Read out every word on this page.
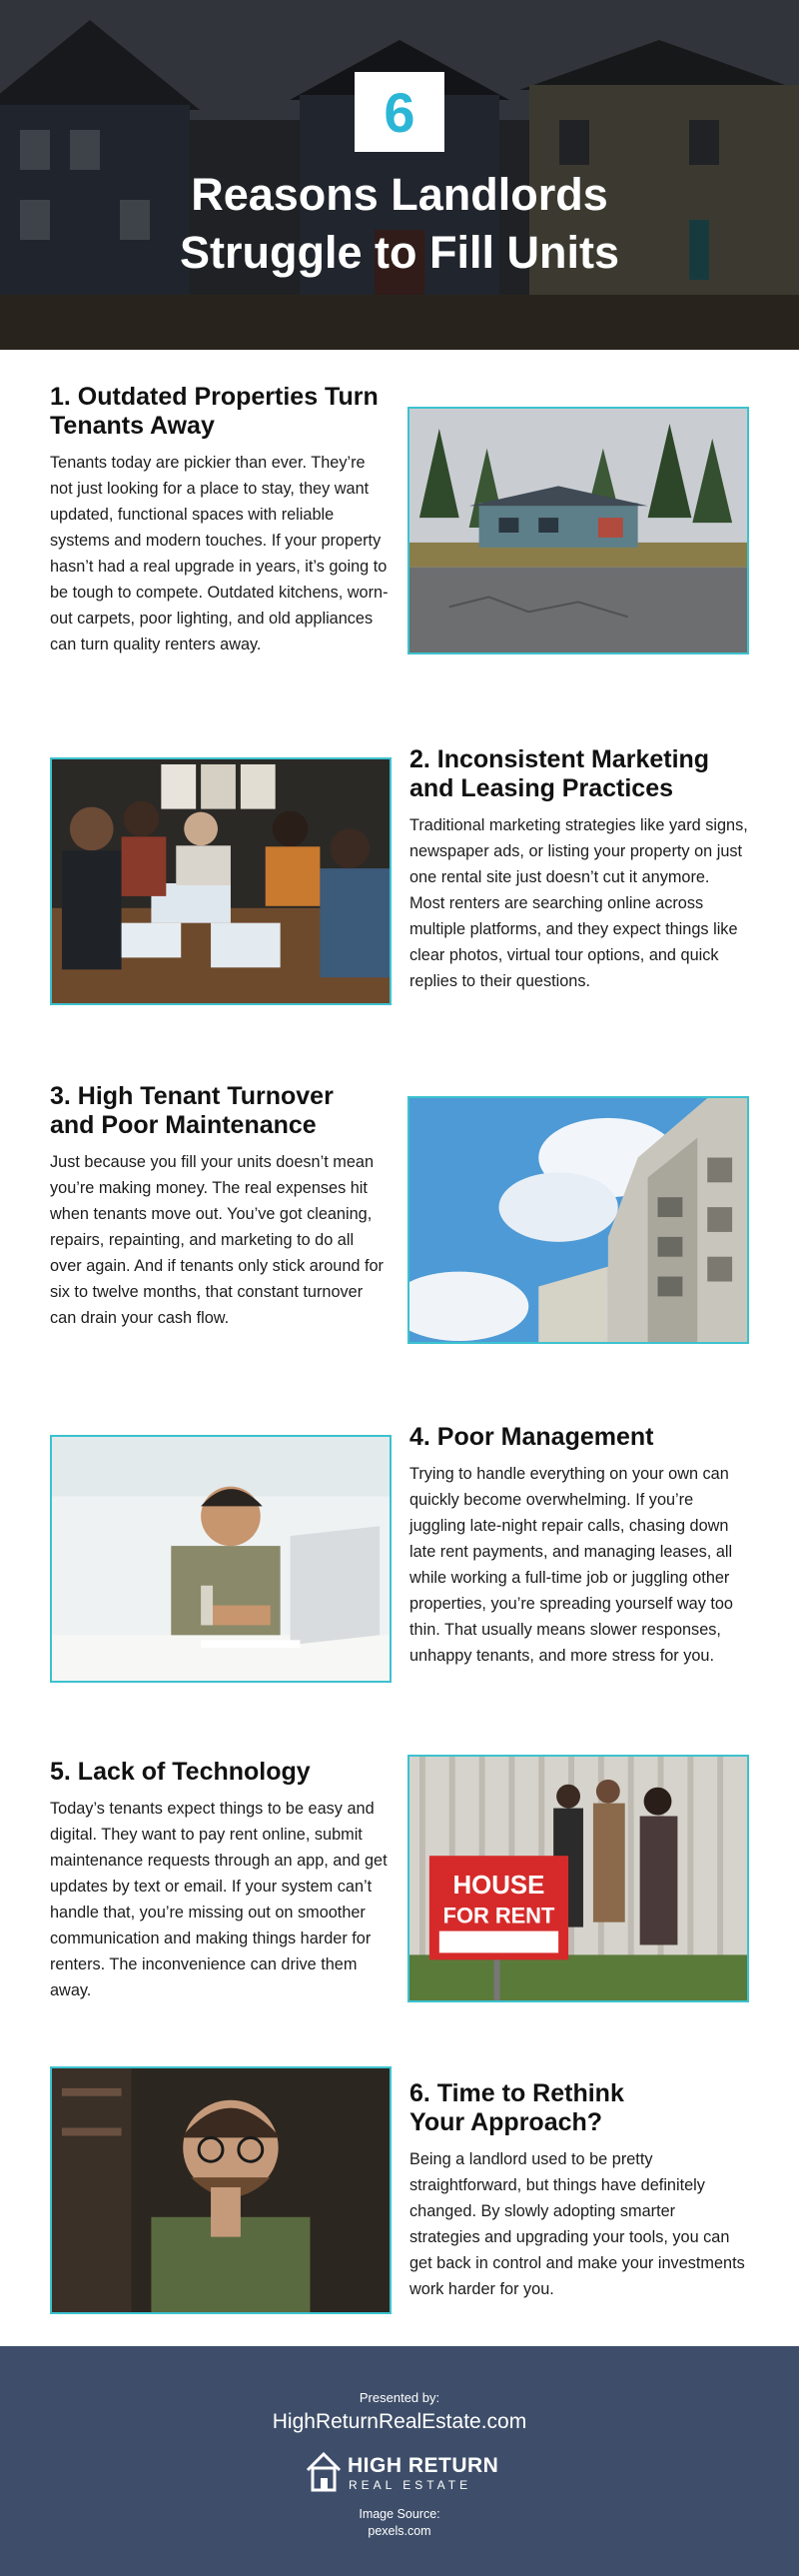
6
Reasons Landlords
Struggle to Fill Units
1. Outdated Properties Turn
Tenants Away

Tenants today are pickier than ever. They’re not just looking for a place to stay, they want updated, functional spaces with reliable systems and modern touches. If your property hasn’t had a real upgrade in years, it’s going to be tough to compete. Outdated kitchens, worn-out carpets, poor lighting, and old appliances can turn quality renters away.

2. Inconsistent Marketing
and Leasing Practices

Traditional marketing strategies like yard signs, newspaper ads, or listing your property on just one rental site just doesn’t cut it anymore. Most renters are searching online across multiple platforms, and they expect things like clear photos, virtual tour options, and quick replies to their questions.

3. High Tenant Turnover
and Poor Maintenance

Just because you fill your units doesn’t mean you’re making money. The real expenses hit when tenants move out. You’ve got cleaning, repairs, repainting, and marketing to do all over again. And if tenants only stick around for six to twelve months, that constant turnover can drain your cash flow.

4. Poor Management

Trying to handle everything on your own can quickly become overwhelming. If you’re juggling late-night repair calls, chasing down late rent payments, and managing leases, all while working a full-time job or juggling other properties, you’re spreading yourself way too thin. That usually means slower responses, unhappy tenants, and more stress for you.

5. Lack of Technology

Today’s tenants expect things to be easy and digital. They want to pay rent online, submit maintenance requests through an app, and get updates by text or email. If your system can’t handle that, you’re missing out on smoother communication and making things harder for renters. The inconvenience can drive them away.

HOUSE
FOR RENT
6. Time to Rethink
Your Approach?

Being a landlord used to be pretty straightforward, but things have definitely changed. By slowly adopting smarter strategies and upgrading your tools, you can get back in control and make your investments work harder for you.

Presented by:
HighReturnRealEstate.com
HIGH RETURN
REAL ESTATE
Image Source:
pexels.com
